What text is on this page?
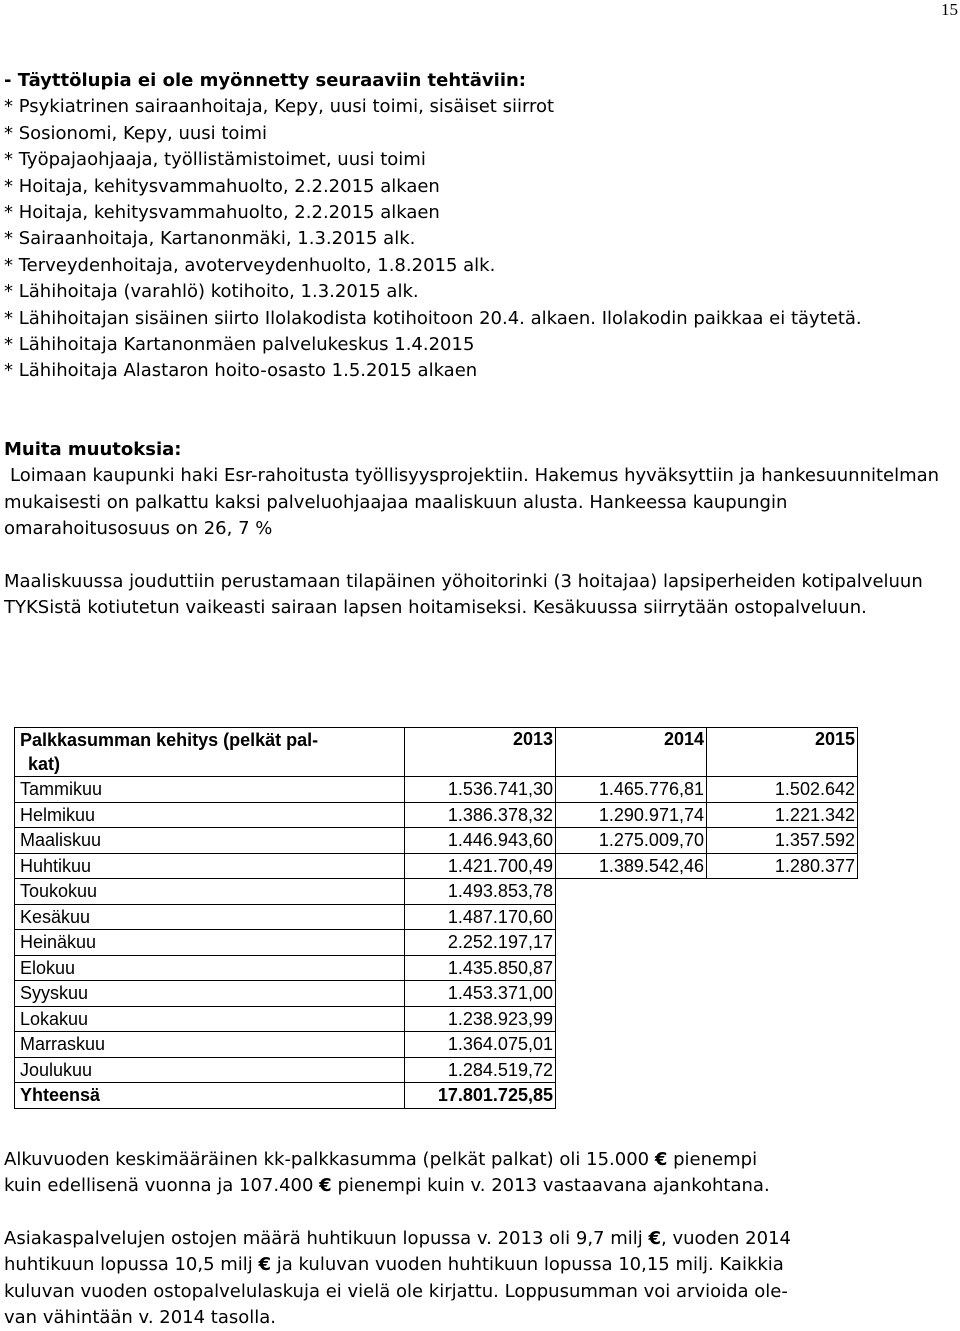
15
- Täyttölupia ei ole myönnetty seuraaviin tehtäviin:
* Psykiatrinen sairaanhoitaja, Kepy, uusi toimi, sisäiset siirrot
* Sosionomi, Kepy, uusi toimi
* Työpajaohjaaja, työllistämistoimet, uusi toimi
* Hoitaja, kehitysvammahuolto, 2.2.2015 alkaen
* Hoitaja, kehitysvammahuolto, 2.2.2015 alkaen
* Sairaanhoitaja, Kartanonmäki, 1.3.2015 alk.
* Terveydenhoitaja, avoterveydenhuolto, 1.8.2015 alk.
* Lähihoitaja (varahlö) kotihoito, 1.3.2015 alk.
* Lähihoitajan sisäinen siirto Ilolakodista kotihoitoon 20.4. alkaen. Ilolakodin paikkaa ei täytetä.
* Lähihoitaja Kartanonmäen palvelukeskus 1.4.2015
* Lähihoitaja Alastaron hoito-osasto 1.5.2015 alkaen
Muita muutoksia:

Loimaan kaupunki haki Esr-rahoitusta työllisyysprojektiin. Hakemus hyväksyttiin ja hankesuunnitelman mukaisesti on palkattu kaksi palveluohjaajaa maaliskuun alusta. Hankeessa kaupungin omarahoitusosuus on 26, 7 %

Maaliskuussa jouduttiin perustamaan tilapäinen yöhoitorinki (3 hoitajaa) lapsiperheiden kotipalveluun TYKSistä kotiutetun vaikeasti sairaan lapsen hoitamiseksi. Kesäkuussa siirrytään ostopalveluun.

Palkkasumman kehitys (pelkät pal-
kat)	2013	2014	2015
Tammikuu	1.536.741,30	1.465.776,81	1.502.642
Helmikuu	1.386.378,32	1.290.971,74	1.221.342
Maaliskuu	1.446.943,60	1.275.009,70	1.357.592
Huhtikuu	1.421.700,49	1.389.542,46	1.280.377
Toukokuu	1.493.853,78		
Kesäkuu	1.487.170,60		
Heinäkuu	2.252.197,17		
Elokuu	1.435.850,87		
Syyskuu	1.453.371,00		
Lokakuu	1.238.923,99		
Marraskuu	1.364.075,01		
Joulukuu	1.284.519,72		
Yhteensä	17.801.725,85		
Alkuvuoden keskimääräinen kk-palkkasumma (pelkät palkat) oli 15.000 € pienempi
kuin edellisenä vuonna ja 107.400 € pienempi kuin v. 2013 vastaavana ajankohtana.
Asiakaspalvelujen ostojen määrä huhtikuun lopussa v. 2013 oli 9,7 milj €, vuoden 2014
huhtikuun lopussa 10,5 milj € ja kuluvan vuoden huhtikuun lopussa 10,15 milj. Kaikkia
kuluvan vuoden ostopalvelulaskuja ei vielä ole kirjattu. Loppusumman voi arvioida ole-
van vähintään v. 2014 tasolla.
